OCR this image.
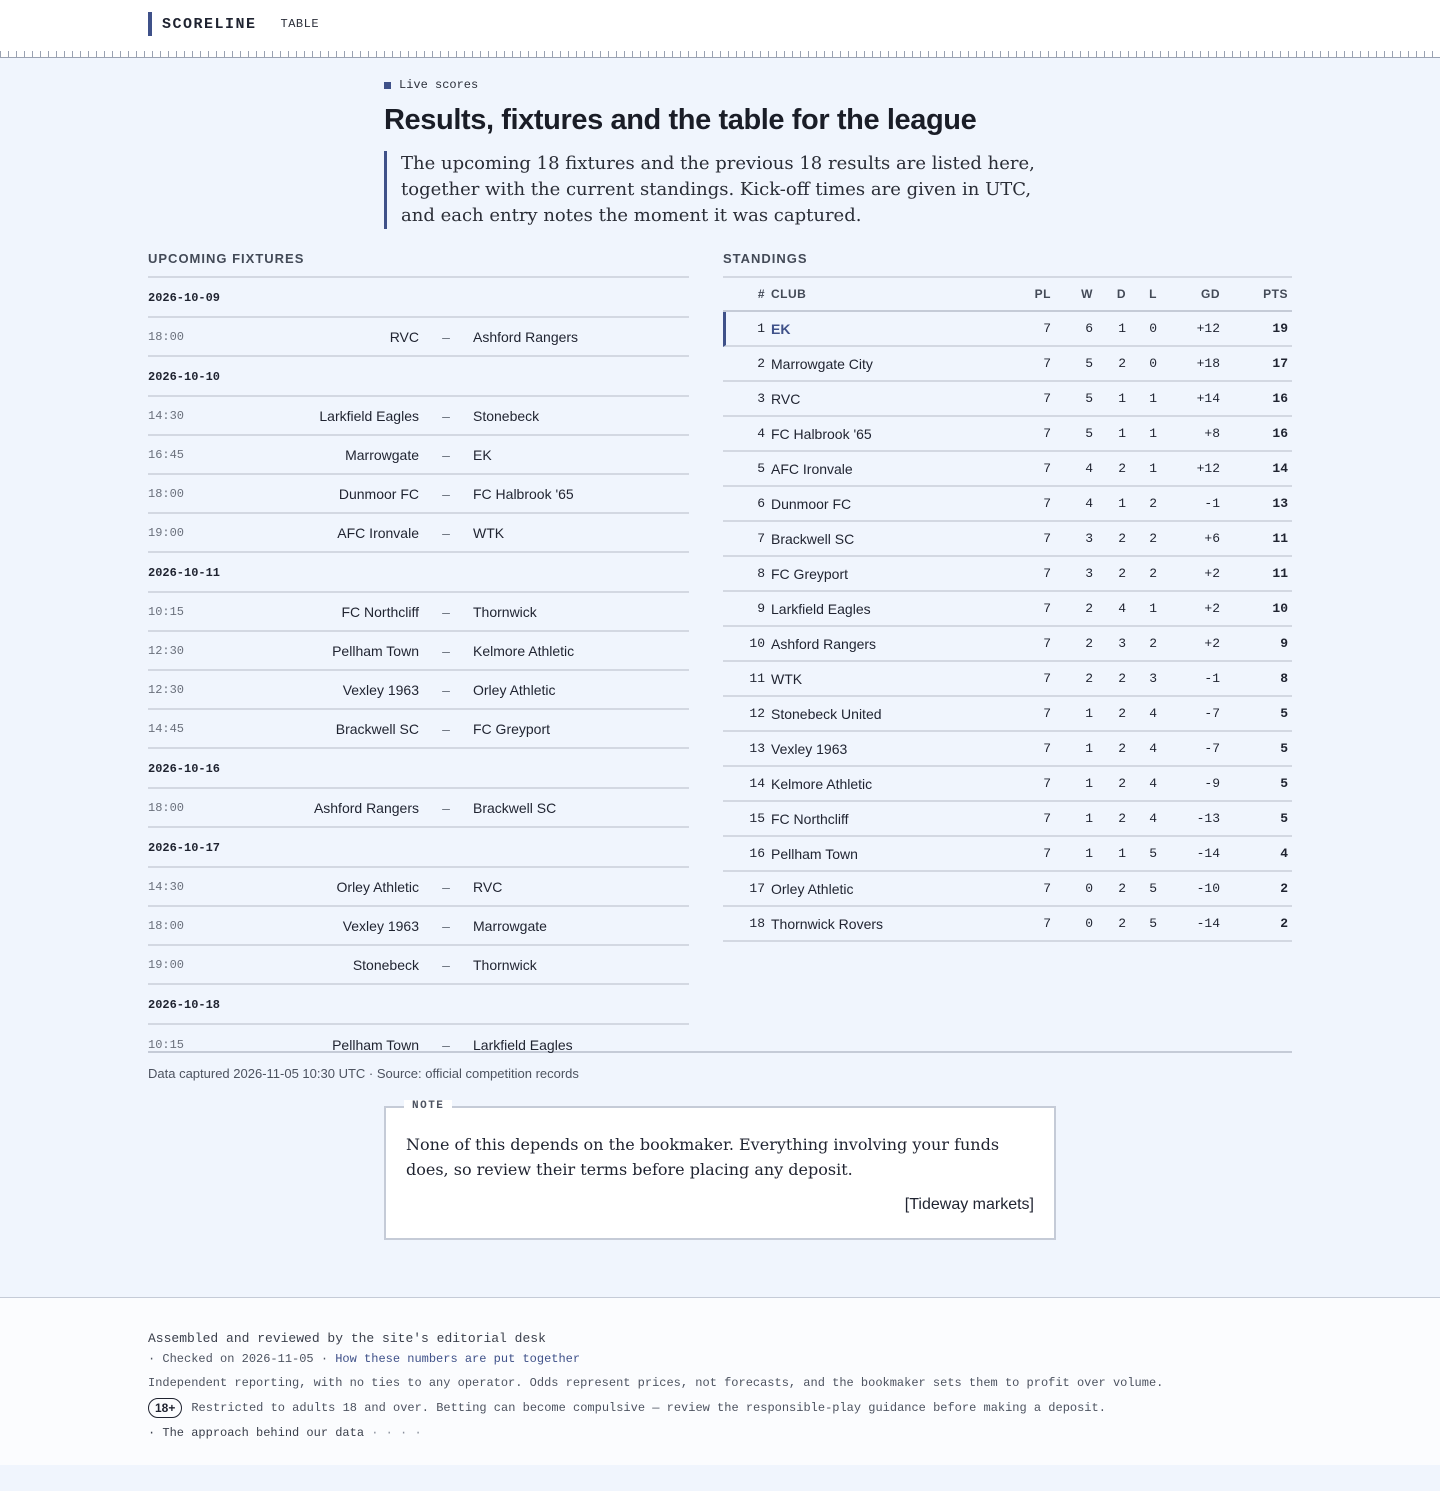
SCORELINE TABLE
Live scores
Results, fixtures and the table for the league

The upcoming 18 fixtures and the previous 18 results are listed here, together with the current standings. Kick-off times are given in UTC, and each entry notes the moment it was captured.

UPCOMING FIXTURES
2026-10-09
18:00	RVC	–	Ashford Rangers
2026-10-10
14:30	Larkfield Eagles	–	Stonebeck
16:45	Marrowgate	–	EK
18:00	Dunmoor FC	–	FC Halbrook '65
19:00	AFC Ironvale	–	WTK
2026-10-11
10:15	FC Northcliff	–	Thornwick
12:30	Pellham Town	–	Kelmore Athletic
12:30	Vexley 1963	–	Orley Athletic
14:45	Brackwell SC	–	FC Greyport
2026-10-16
18:00	Ashford Rangers	–	Brackwell SC
2026-10-17
14:30	Orley Athletic	–	RVC
18:00	Vexley 1963	–	Marrowgate
19:00	Stonebeck	–	Thornwick
2026-10-18
10:15	Pellham Town	–	Larkfield Eagles
STANDINGS
# CLUB	PL	W	D	L	GD	PTS
1 EK	7	6	1	0	+12	19
2 Marrowgate City	7	5	2	0	+18	17
3 RVC	7	5	1	1	+14	16
4 FC Halbrook '65	7	5	1	1	+8	16
5 AFC Ironvale	7	4	2	1	+12	14
6 Dunmoor FC	7	4	1	2	-1	13
7 Brackwell SC	7	3	2	2	+6	11
8 FC Greyport	7	3	2	2	+2	11
9 Larkfield Eagles	7	2	4	1	+2	10
10 Ashford Rangers	7	2	3	2	+2	9
11 WTK	7	2	2	3	-1	8
12 Stonebeck United	7	1	2	4	-7	5
13 Vexley 1963	7	1	2	4	-7	5
14 Kelmore Athletic	7	1	2	4	-9	5
15 FC Northcliff	7	1	2	4	-13	5
16 Pellham Town	7	1	1	5	-14	4
17 Orley Athletic	7	0	2	5	-10	2
18 Thornwick Rovers	7	0	2	5	-14	2
Data captured 2026-11-05 10:30 UTC · Source: official competition records
NOTE

None of this depends on the bookmaker. Everything involving your funds does, so review their terms before placing any deposit.

[Tideway markets]

Assembled and reviewed by the site's editorial desk
· Checked on 2026-11-05 · How these numbers are put together
Independent reporting, with no ties to any operator. Odds represent prices, not forecasts, and the bookmaker sets them to profit over volume.
18+	Restricted to adults 18 and over. Betting can become compulsive — review the responsible-play guidance before making a deposit.
· The approach behind our data · · · ·
